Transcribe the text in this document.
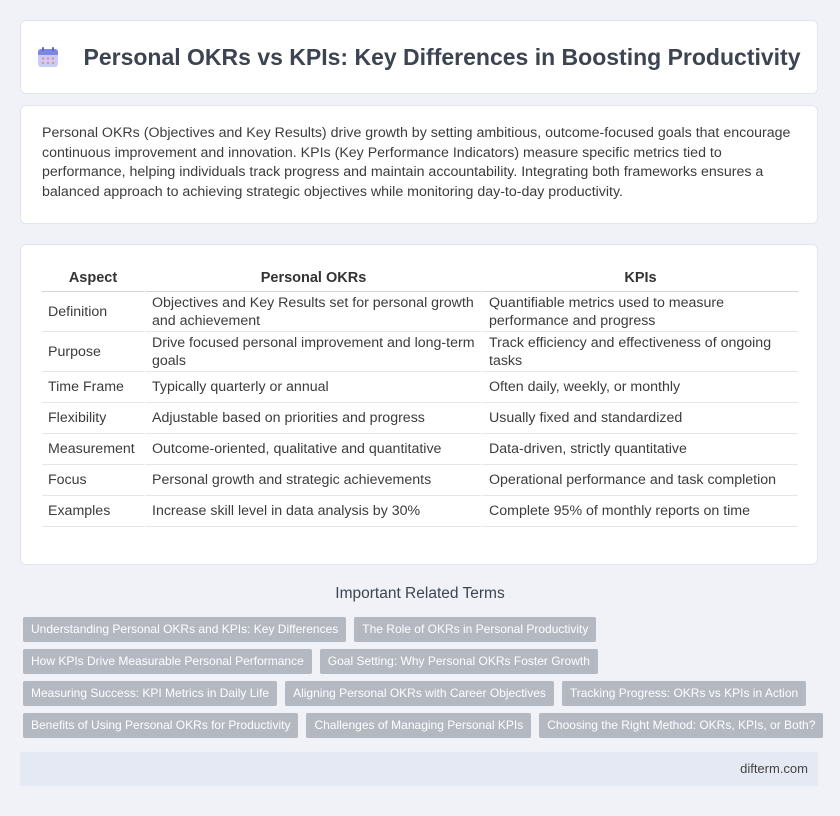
Personal OKRs vs KPIs: Key Differences in Boosting Productivity

Personal OKRs (Objectives and Key Results) drive growth by setting ambitious, outcome-focused goals that encourage continuous improvement and innovation. KPIs (Key Performance Indicators) measure specific metrics tied to performance, helping individuals track progress and maintain accountability. Integrating both frameworks ensures a balanced approach to achieving strategic objectives while monitoring day-to-day productivity.

Aspect	Personal OKRs	KPIs
Definition	Objectives and Key Results set for personal growth and achievement	Quantifiable metrics used to measure performance and progress
Purpose	Drive focused personal improvement and long-term goals	Track efficiency and effectiveness of ongoing tasks
Time Frame	Typically quarterly or annual	Often daily, weekly, or monthly
Flexibility	Adjustable based on priorities and progress	Usually fixed and standardized
Measurement	Outcome-oriented, qualitative and quantitative	Data-driven, strictly quantitative
Focus	Personal growth and strategic achievements	Operational performance and task completion
Examples	Increase skill level in data analysis by 30%	Complete 95% of monthly reports on time
Important Related Terms
Understanding Personal OKRs and KPIs: Key Differences	The Role of OKRs in Personal Productivity
How KPIs Drive Measurable Personal Performance	Goal Setting: Why Personal OKRs Foster Growth
Measuring Success: KPI Metrics in Daily Life	Aligning Personal OKRs with Career Objectives	Tracking Progress: OKRs vs KPIs in Action
Benefits of Using Personal OKRs for Productivity	Challenges of Managing Personal KPIs	Choosing the Right Method: OKRs, KPIs, or Both?
difterm.com
